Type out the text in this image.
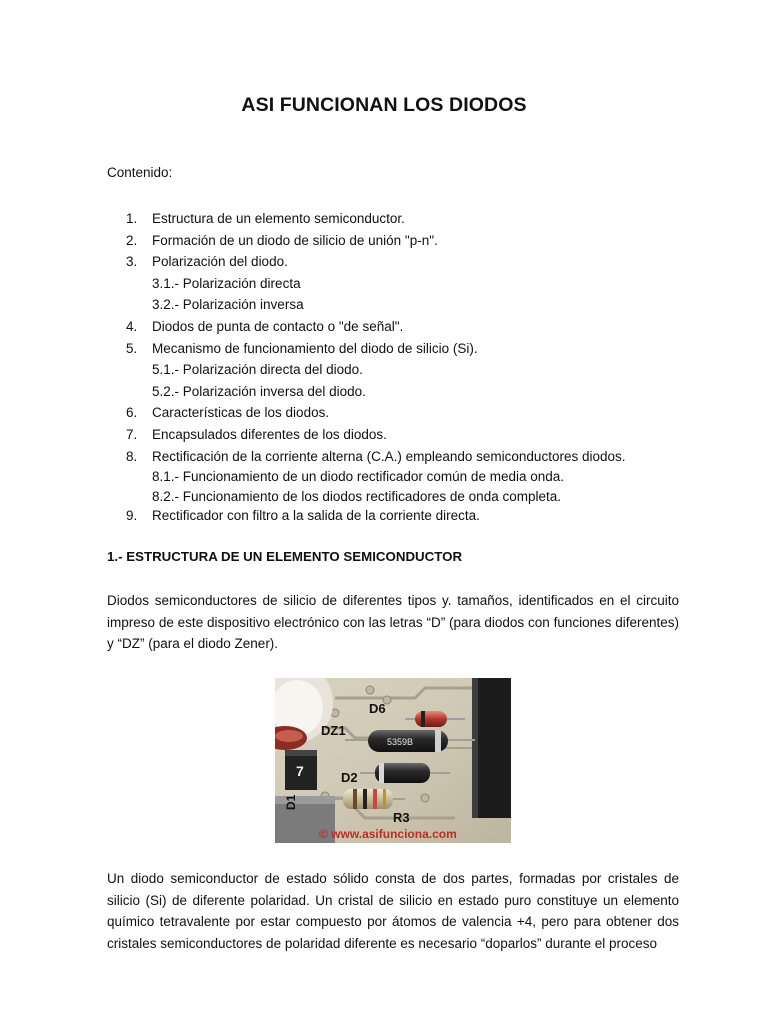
ASI FUNCIONAN LOS DIODOS
Contenido:
1. Estructura de un elemento semiconductor.
2. Formación de un diodo de silicio de unión "p-n".
3. Polarización del diodo.
3.1.- Polarización directa
3.2.- Polarización inversa
4. Diodos de punta de contacto o "de señal".
5. Mecanismo de funcionamiento del diodo de silicio (Si).
5.1.- Polarización directa del diodo.
5.2.- Polarización inversa del diodo.
6. Características de los diodos.
7. Encapsulados diferentes de los diodos.
8. Rectificación de la corriente alterna (C.A.) empleando semiconductores diodos.
8.1.- Funcionamiento de un diodo rectificador común de media onda.
8.2.- Funcionamiento de los diodos rectificadores de onda completa.
9. Rectificador con filtro a la salida de la corriente directa.
1.- ESTRUCTURA DE UN ELEMENTO SEMICONDUCTOR
Diodos semiconductores de silicio de diferentes tipos y. tamaños, identificados en el circuito impreso de este dispositivo electrónico con las letras “D” (para diodos con funciones diferentes) y “DZ” (para el diodo Zener).
D6
DZ1
D2
D1
R3
7
5359B
© www.asifunciona.com
Un diodo semiconductor de estado sólido consta de dos partes, formadas por cristales de silicio (Si) de diferente polaridad. Un cristal de silicio en estado puro constituye un elemento químico tetravalente por estar compuesto por átomos de valencia +4, pero para obtener dos cristales semiconductores de polaridad diferente es necesario “doparlos” durante el proceso
